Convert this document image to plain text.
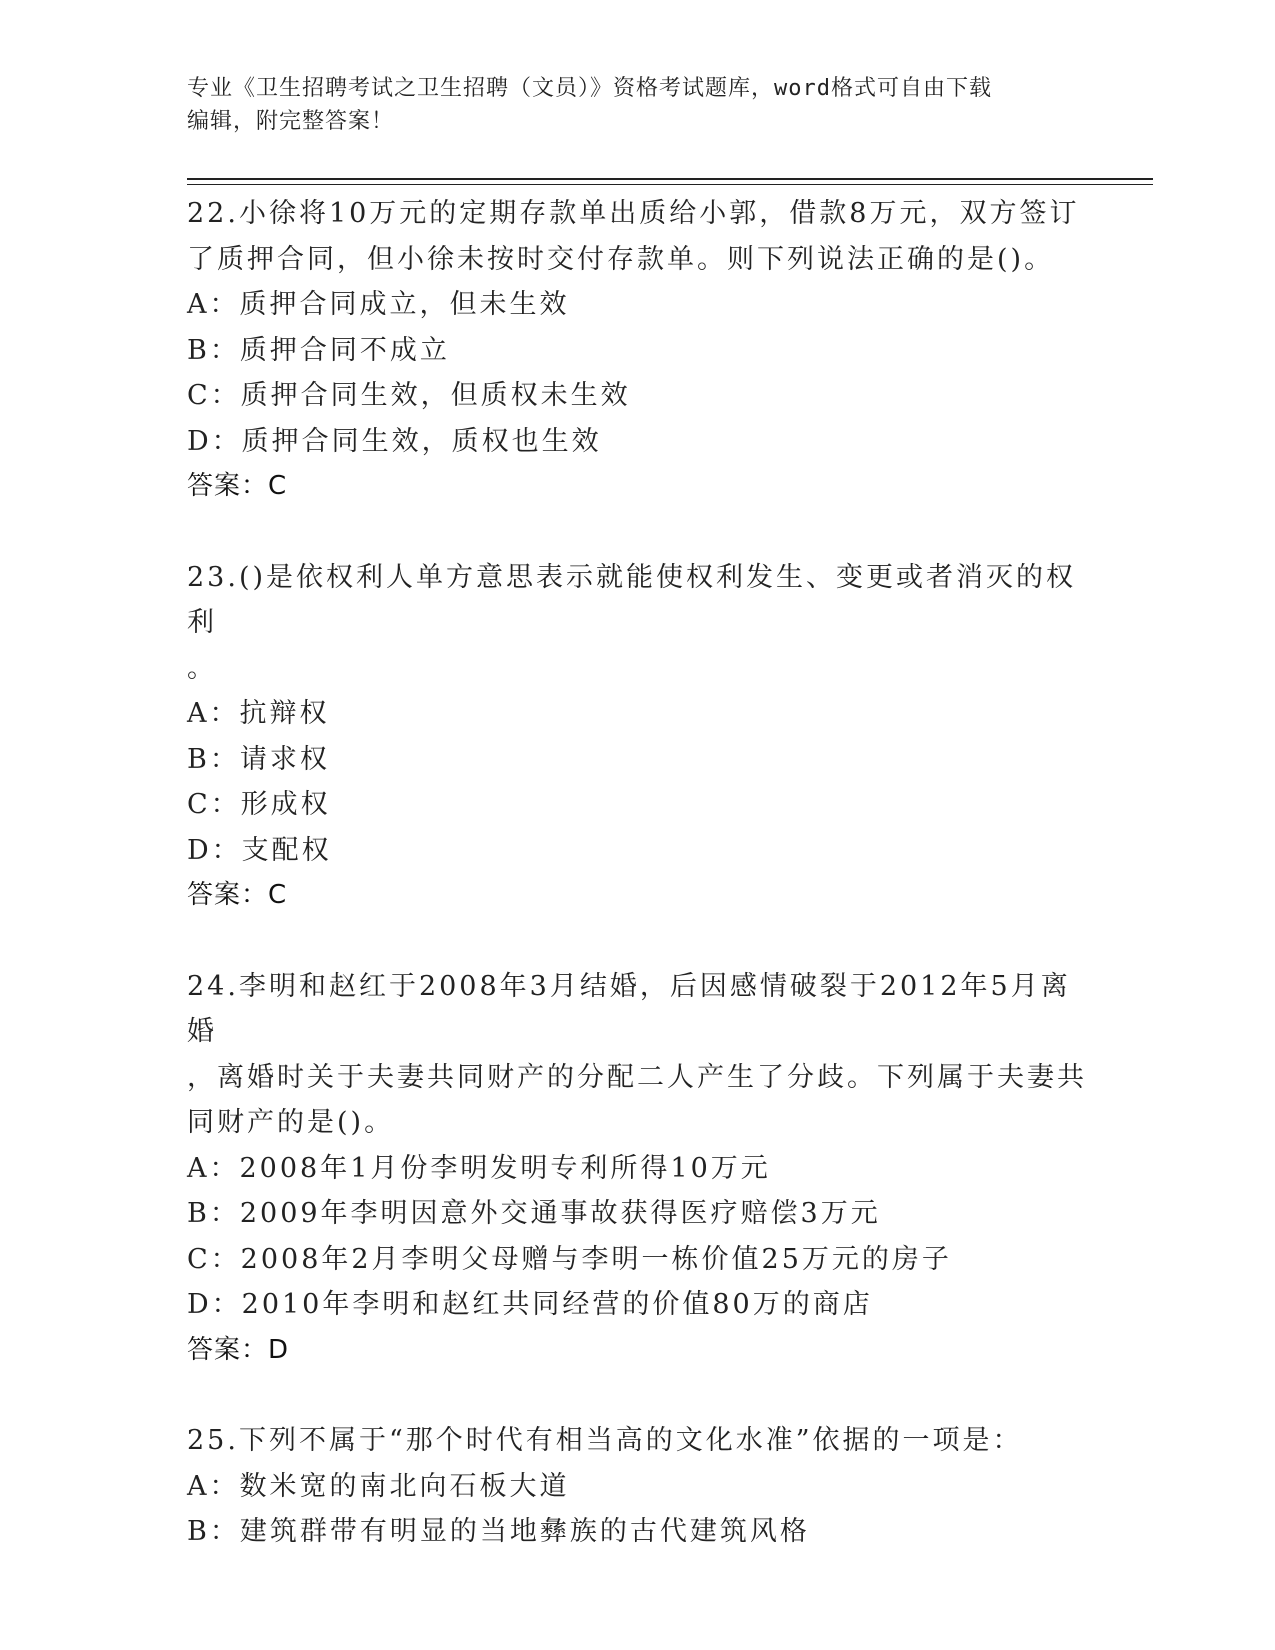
专业《卫生招聘考试之卫生招聘（文员）》资格考试题库，word格式可自由下载
编辑，附完整答案！
22.小徐将10万元的定期存款单出质给小郭，借款8万元，双方签订
了质押合同，但小徐未按时交付存款单。则下列说法正确的是()。
A：质押合同成立，但未生效
B：质押合同不成立
C：质押合同生效，但质权未生效
D：质押合同生效，质权也生效
答案：C
23.()是依权利人单方意思表示就能使权利发生、变更或者消灭的权利
。
A：抗辩权
B：请求权
C：形成权
D：支配权
答案：C
24.李明和赵红于2008年3月结婚，后因感情破裂于2012年5月离婚
，离婚时关于夫妻共同财产的分配二人产生了分歧。下列属于夫妻共
同财产的是()。
A：2008年1月份李明发明专利所得10万元
B：2009年李明因意外交通事故获得医疗赔偿3万元
C：2008年2月李明父母赠与李明一栋价值25万元的房子
D：2010年李明和赵红共同经营的价值80万的商店
答案：D
25.下列不属于“那个时代有相当高的文化水准”依据的一项是：
A：数米宽的南北向石板大道
B：建筑群带有明显的当地彝族的古代建筑风格
